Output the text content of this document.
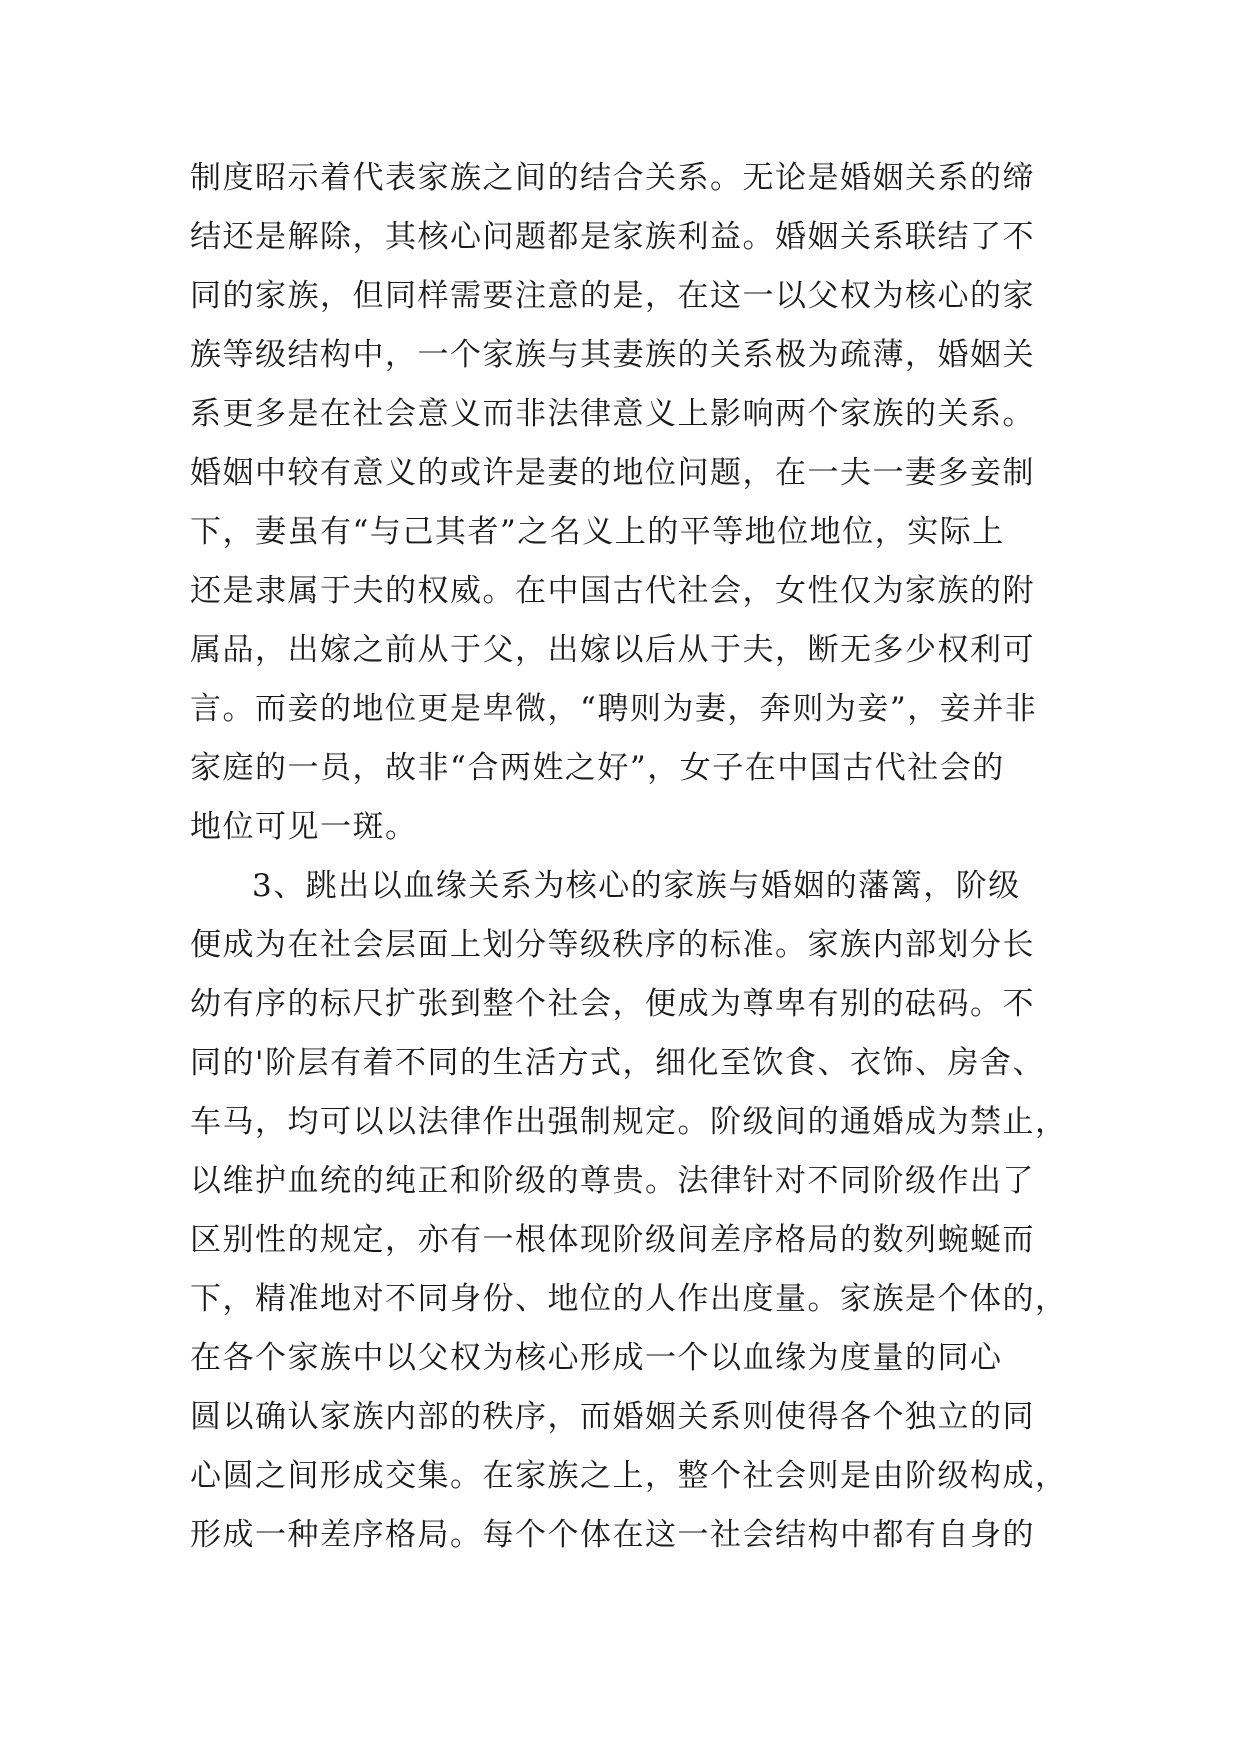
制度昭示着代表家族之间的结合关系。无论是婚姻关系的缔
结还是解除，其核心问题都是家族利益。婚姻关系联结了不
同的家族，但同样需要注意的是，在这一以父权为核心的家
族等级结构中，一个家族与其妻族的关系极为疏薄，婚姻关
系更多是在社会意义而非法律意义上影响两个家族的关系。
婚姻中较有意义的或许是妻的地位问题，在一夫一妻多妾制
下，妻虽有“与己其者”之名义上的平等地位地位，实际上
还是隶属于夫的权威。在中国古代社会，女性仅为家族的附
属品，出嫁之前从于父，出嫁以后从于夫，断无多少权利可
言。而妾的地位更是卑微，“聘则为妻，奔则为妾”，妾并非
家庭的一员，故非“合两姓之好”，女子在中国古代社会的
地位可见一斑。
3、跳出以血缘关系为核心的家族与婚姻的藩篱，阶级
便成为在社会层面上划分等级秩序的标准。家族内部划分长
幼有序的标尺扩张到整个社会，便成为尊卑有别的砝码。不
同的'阶层有着不同的生活方式，细化至饮食、衣饰、房舍、
车马，均可以以法律作出强制规定。阶级间的通婚成为禁止，
以维护血统的纯正和阶级的尊贵。法律针对不同阶级作出了
区别性的规定，亦有一根体现阶级间差序格局的数列蜿蜒而
下，精准地对不同身份、地位的人作出度量。家族是个体的，
在各个家族中以父权为核心形成一个以血缘为度量的同心
圆以确认家族内部的秩序，而婚姻关系则使得各个独立的同
心圆之间形成交集。在家族之上，整个社会则是由阶级构成，
形成一种差序格局。每个个体在这一社会结构中都有自身的
